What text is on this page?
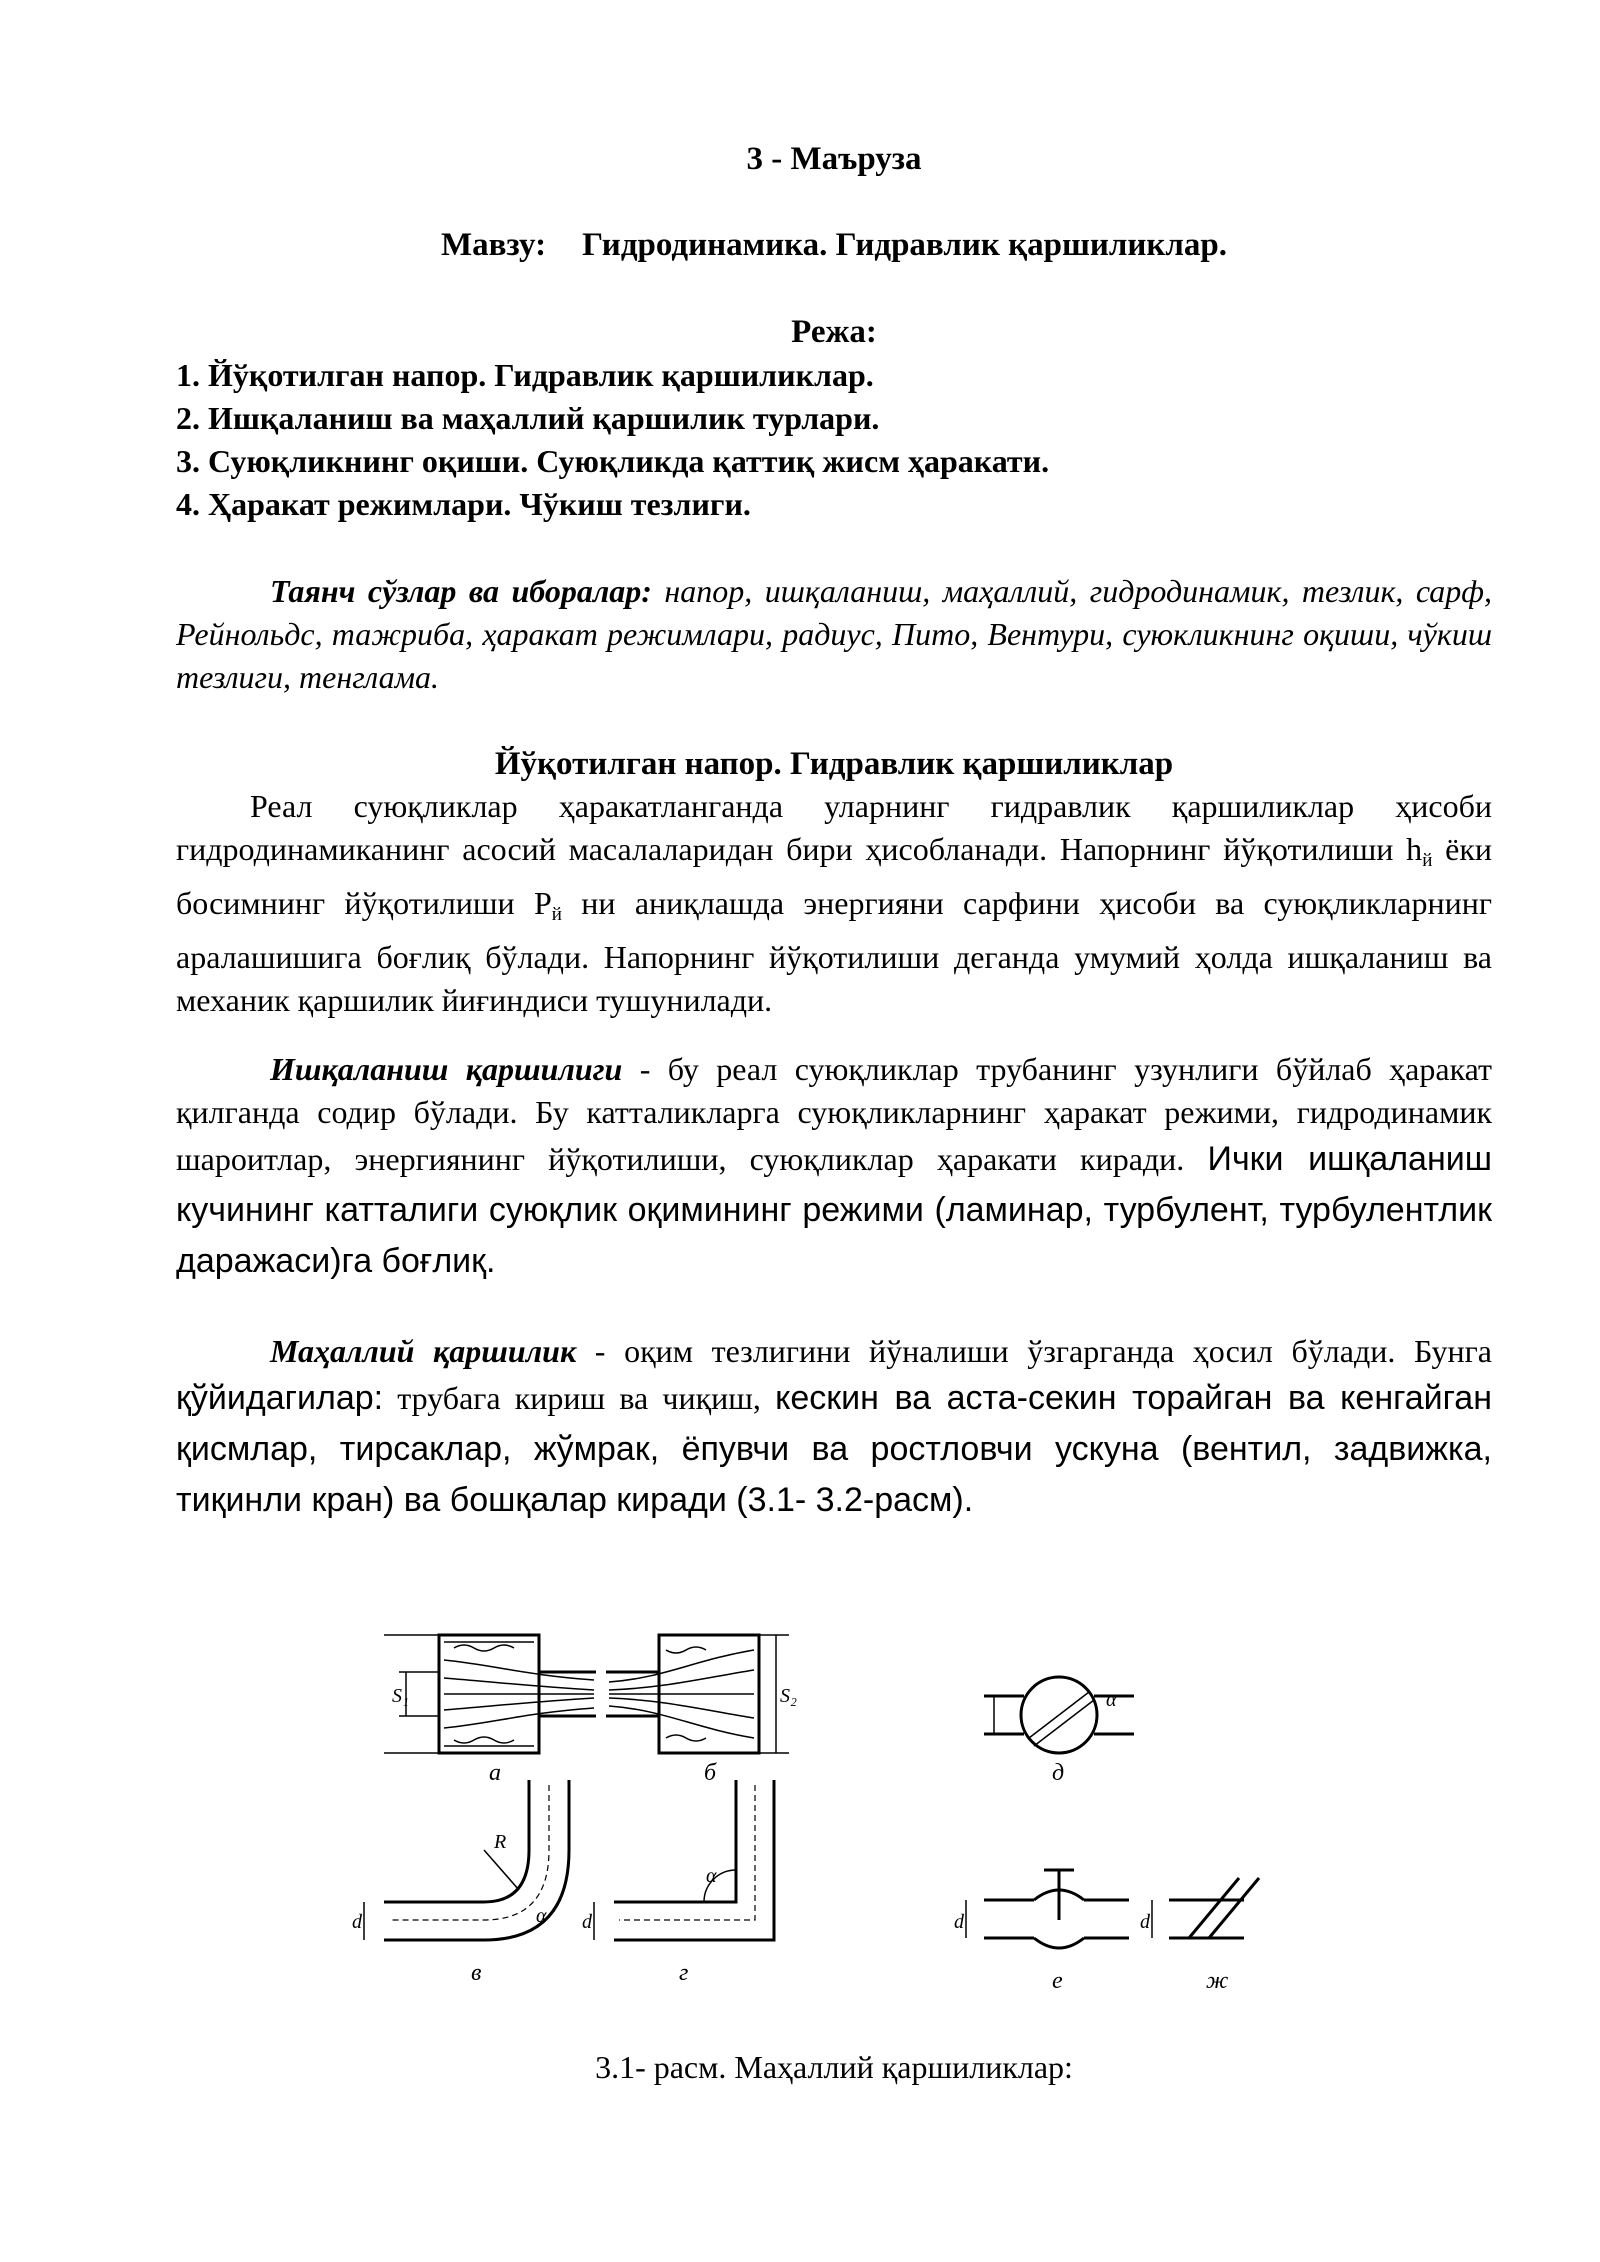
3 - Маъруза
Мавзу: Гидродинамика. Гидравлик қаршиликлар.
Режа:
1. Йўқотилган напор. Гидравлик қаршиликлар.
2. Ишқаланиш ва маҳаллий қаршилик турлари.
3. Суюқликнинг оқиши. Суюқликда қаттиқ жисм ҳаракати.
4. Ҳаракат режимлари. Чўкиш тезлиги.

Таянч сўзлар ва иборалар: напор, ишқаланиш, маҳаллий, гидродинамик, тезлик, сарф, Рейнольдс, тажриба, ҳаракат режимлари, радиус, Пито, Вентури, суюкликнинг оқиши, чўкиш тезлиги, тенглама.

Йўқотилган напор. Гидравлик қаршиликлар

Реал суюқликлар ҳаракатланганда уларнинг гидравлик қаршиликлар ҳисоби гидродинамиканинг асосий масалаларидан бири ҳисобланади. Напорнинг йўқотилиши $h_й$ ёки босимнинг йўқотилиши $P_й$ ни аниқлашда энергияни сарфини ҳисоби ва суюқликларнинг аралашишига боғлиқ бўлади. Напорнинг йўқотилиши деганда умумий ҳолда ишқаланиш ва механик қаршилик йиғиндиси тушунилади.

Ишқаланиш қаршилиги - бу реал суюқликлар трубанинг узунлиги бўйлаб ҳаракат қилганда содир бўлади. Бу катталикларга суюқликларнинг ҳаракат режими, гидродинамик шароитлар, энергиянинг йўқотилиши, суюқликлар ҳаракати киради. Ички ишқаланиш кучининг катталиги суюқлик оқимининг режими (ламинар, турбулент, турбулентлик даражаси)га боғлиқ.

Маҳаллий қаршилик - оқим тезлигини йўналиши ўзгарганда ҳосил бўлади. Бунга қўйидагилар: трубага кириш ва чиқиш, кескин ва аста-секин торайган ва кенгайган қисмлар, тирсаклар, жўмрак, ёпувчи ва ростловчи ускуна (вентил, задвижка, тиқинли кран) ва бошқалар киради (3.1- 3.2-расм).

а	б
в	г
д
е	ж
S₁	S₂
d	d	d	d
R
α
α
α
3.1- расм. Маҳаллий қаршиликлар:
